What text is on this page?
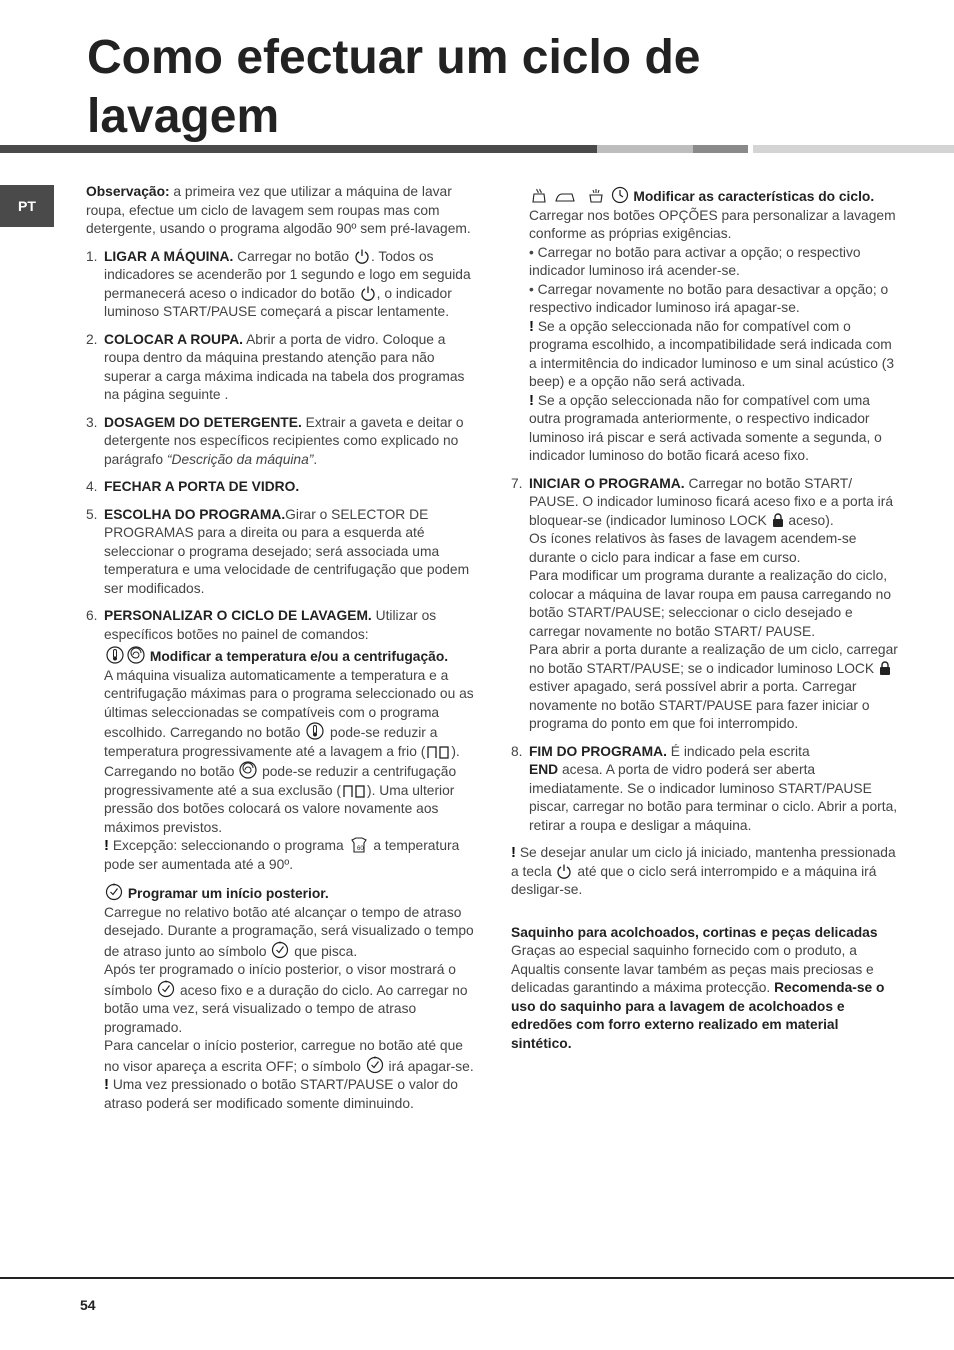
Como efectuar um ciclo de lavagem
PT

Observação: a primeira vez que utilizar a máquina de lavar roupa, efectue um ciclo de lavagem sem roupas mas com detergente, usando o programa algodão 90º sem pré-lavagem.

1. LIGAR A MÁQUINA. Carregar no botão
. Todos os indicadores se acenderão por 1 segundo e logo em seguida permanecerá aceso o indicador do botão
, o indicador luminoso START/PAUSE começará a piscar lentamente.
2. COLOCAR A ROUPA. Abrir a porta de vidro. Coloque a roupa dentro da máquina prestando atenção para não superar a carga máxima indicada na tabela dos programas na página seguinte .
3. DOSAGEM DO DETERGENTE. Extrair a gaveta e deitar o detergente nos específicos recipientes como explicado no parágrafo “Descrição da máquina”.
4. FECHAR A PORTA DE VIDRO.
5. ESCOLHA DO PROGRAMA.Girar o SELECTOR DE PROGRAMAS para a direita ou para a esquerda até seleccionar o programa desejado; será associada uma temperatura e uma velocidade de centrifugação que podem ser modificados.
6. PERSONALIZAR O CICLO DE LAVAGEM. Utilizar os específicos botões no painel de comandos:
Modificar a temperatura e/ou a centrifugação.
A máquina visualiza automaticamente a temperatura e a centrifugação máximas para o programa seleccionado ou as últimas seleccionadas se compatíveis com o programa escolhido. Carregando no botão
pode-se reduzir a temperatura progressivamente até a lavagem a frio ( ). Carregando no botão
pode-se reduzir a centrifugação progressivamente até a sua exclusão ( ). Uma ulterior pressão dos botões colocará os valore novamente aos máximos previstos.
! Excepção: seleccionando o programa 60 a temperatura pode ser aumentada até a 90º.
Programar um início posterior.
Carregue no relativo botão até alcançar o tempo de atraso desejado. Durante a programação, será visualizado o tempo de atraso junto ao símbolo
que pisca.
Após ter programado o início posterior, o visor mostrará o símbolo
aceso fixo e a duração do ciclo. Ao carregar no botão uma vez, será visualizado o tempo de atraso programado.
Para cancelar o início posterior, carregue no botão até que no visor apareça a escrita OFF; o símbolo
irá apagar-se.
! Uma vez pressionado o botão START/PAUSE o valor do atraso poderá ser modificado somente diminuindo.

Modificar as características do ciclo.
Carregar nos botões OPÇÕES para personalizar a lavagem conforme as próprias exigências.
• Carregar no botão para activar a opção; o respectivo indicador luminoso irá acender-se.
• Carregar novamente no botão para desactivar a opção; o respectivo indicador luminoso irá apagar-se.
! Se a opção seleccionada não for compatível com o programa escolhido, a incompatibilidade será indicada com a intermitência do indicador luminoso e um sinal acústico (3 beep) e a opção não será activada.
! Se a opção seleccionada não for compatível com uma outra programada anteriormente, o respectivo indicador luminoso irá piscar e será activada somente a segunda, o indicador luminoso do botão ficará aceso fixo.
7. INICIAR O PROGRAMA. Carregar no botão START/ PAUSE. O indicador luminoso ficará aceso fixo e a porta irá bloquear-se (indicador luminoso LOCK
aceso).
Os ícones relativos às fases de lavagem acendem-se durante o ciclo para indicar a fase em curso.
Para modificar um programa durante a realização do ciclo, colocar a máquina de lavar roupa em pausa carregando no botão START/PAUSE; seleccionar o ciclo desejado e carregar novamente no botão START/ PAUSE.
Para abrir a porta durante a realização de um ciclo, carregar no botão START/PAUSE; se o indicador luminoso LOCK
estiver apagado, será possível abrir a porta. Carregar novamente no botão START/PAUSE para fazer iniciar o programa do ponto em que foi interrompido.
8. FIM DO PROGRAMA. É indicado pela escrita
END acesa. A porta de vidro poderá ser aberta imediatamente. Se o indicador luminoso START/PAUSE piscar, carregar no botão para terminar o ciclo. Abrir a porta, retirar a roupa e desligar a máquina.

! Se desejar anular um ciclo já iniciado, mantenha pressionada a tecla
até que o ciclo será interrompido e a máquina irá desligar-se.

Saquinho para acolchoados, cortinas e peças delicadas

Graças ao especial saquinho fornecido com o produto, a Aqualtis consente lavar também as peças mais preciosas e delicadas garantindo a máxima protecção. Recomenda-se o uso do saquinho para a lavagem de acolchoados e edredões com forro externo realizado em material sintético.

54
